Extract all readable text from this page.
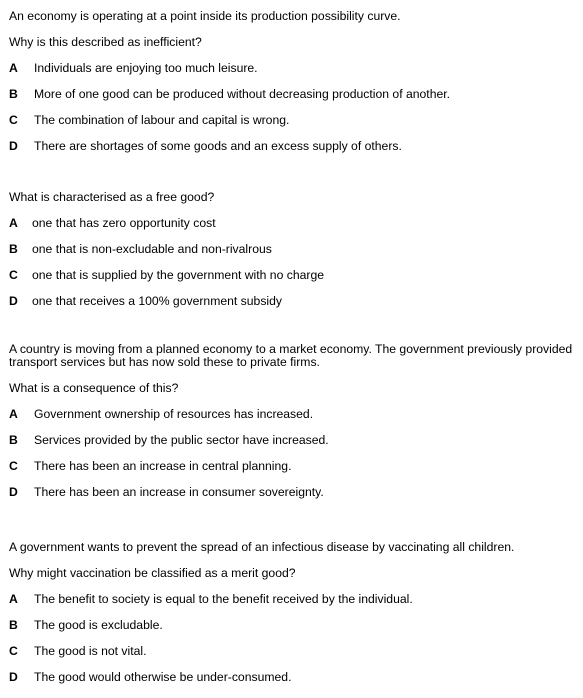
An economy is operating at a point inside its production possibility curve.
Why is this described as inefficient?
A	Individuals are enjoying too much leisure.
B	More of one good can be produced without decreasing production of another.
C	The combination of labour and capital is wrong.
D	There are shortages of some goods and an excess supply of others.
What is characterised as a free good?
A	one that has zero opportunity cost
B	one that is non-excludable and non-rivalrous
C	one that is supplied by the government with no charge
D	one that receives a 100% government subsidy
A country is moving from a planned economy to a market economy. The government previously provided transport services but has now sold these to private firms.
What is a consequence of this?
A	Government ownership of resources has increased.
B	Services provided by the public sector have increased.
C	There has been an increase in central planning.
D	There has been an increase in consumer sovereignty.
A government wants to prevent the spread of an infectious disease by vaccinating all children.
Why might vaccination be classified as a merit good?
A	The benefit to society is equal to the benefit received by the individual.
B	The good is excludable.
C	The good is not vital.
D	The good would otherwise be under-consumed.
